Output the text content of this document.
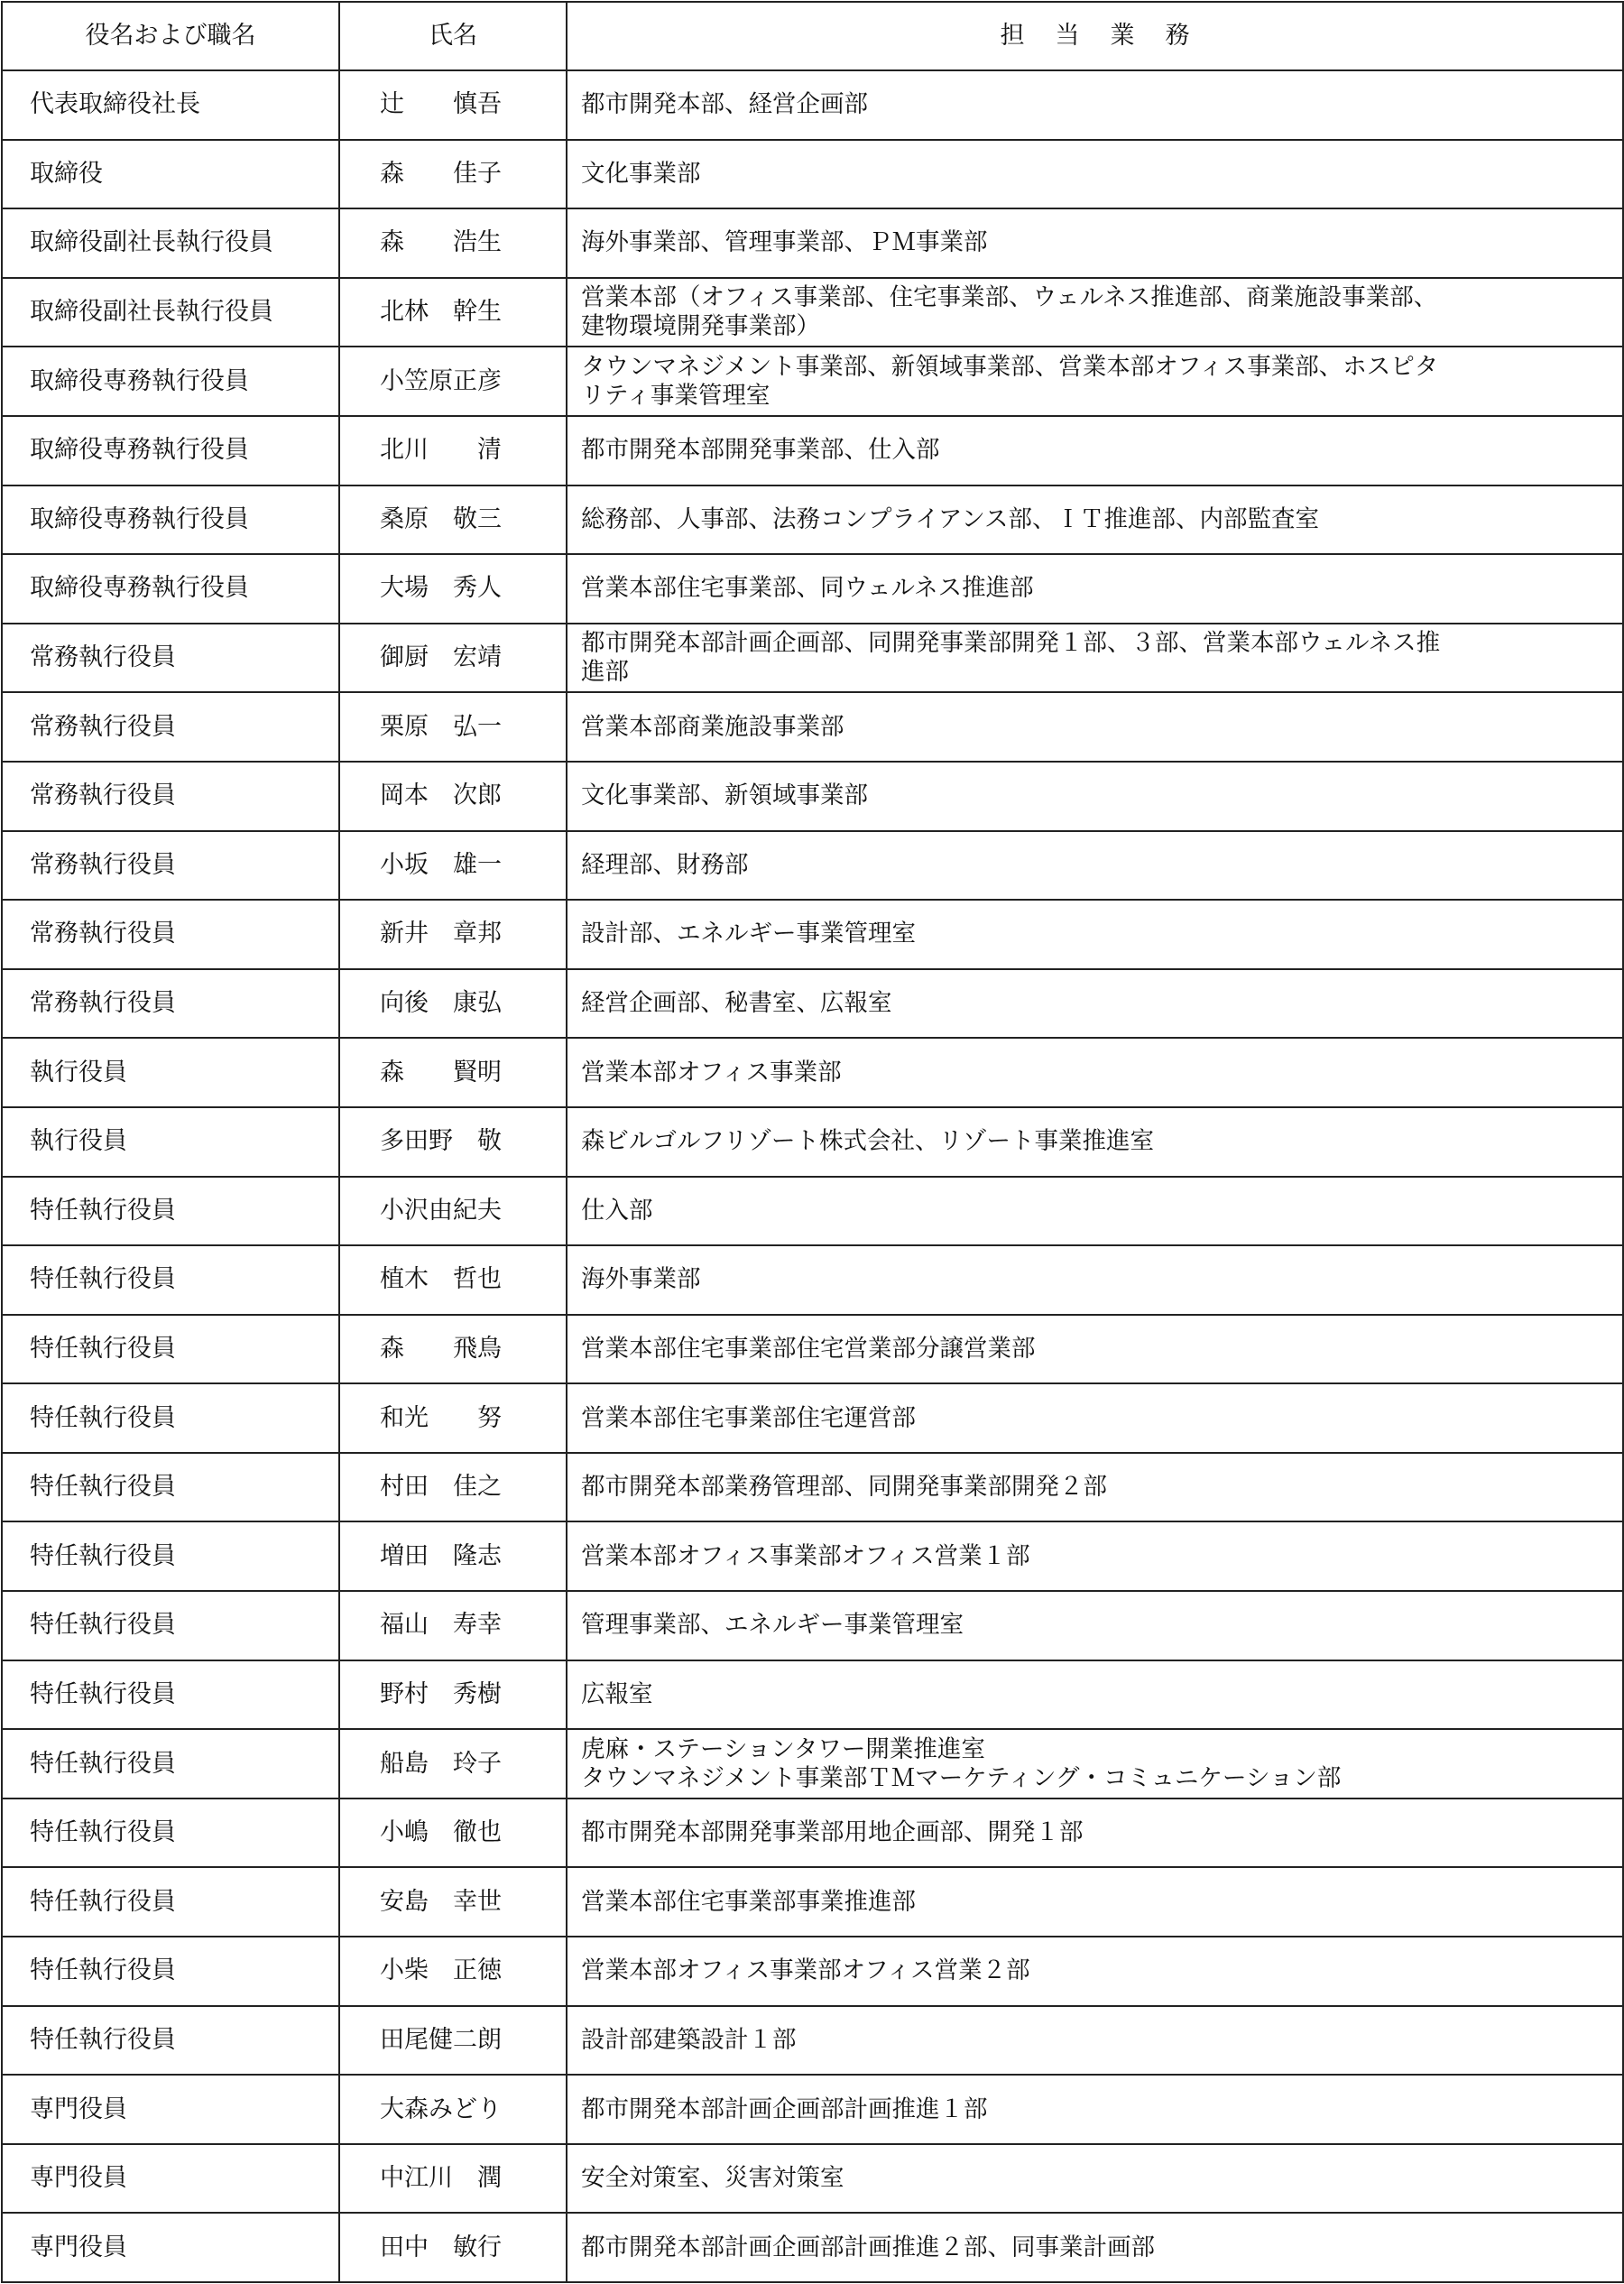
役名および職名	氏名	担当業務
代表取締役社長	辻　　慎吾	都市開発本部、経営企画部
取締役	森　　佳子	文化事業部
取締役副社長執行役員	森　　浩生	海外事業部、管理事業部、ＰＭ事業部
取締役副社長執行役員	北林　幹生	営業本部（オフィス事業部、住宅事業部、ウェルネス推進部、商業施設事業部、
建物環境開発事業部）
取締役専務執行役員	小笠原正彦	タウンマネジメント事業部、新領域事業部、営業本部オフィス事業部、ホスピタ
リティ事業管理室
取締役専務執行役員	北川　　清	都市開発本部開発事業部、仕入部
取締役専務執行役員	桑原　敬三	総務部、人事部、法務コンプライアンス部、ＩＴ推進部、内部監査室
取締役専務執行役員	大場　秀人	営業本部住宅事業部、同ウェルネス推進部
常務執行役員	御厨　宏靖	都市開発本部計画企画部、同開発事業部開発１部、３部、営業本部ウェルネス推
進部
常務執行役員	栗原　弘一	営業本部商業施設事業部
常務執行役員	岡本　次郎	文化事業部、新領域事業部
常務執行役員	小坂　雄一	経理部、財務部
常務執行役員	新井　章邦	設計部、エネルギー事業管理室
常務執行役員	向後　康弘	経営企画部、秘書室、広報室
執行役員	森　　賢明	営業本部オフィス事業部
執行役員	多田野　敬	森ビルゴルフリゾート株式会社、リゾート事業推進室
特任執行役員	小沢由紀夫	仕入部
特任執行役員	植木　哲也	海外事業部
特任執行役員	森　　飛鳥	営業本部住宅事業部住宅営業部分譲営業部
特任執行役員	和光　　努	営業本部住宅事業部住宅運営部
特任執行役員	村田　佳之	都市開発本部業務管理部、同開発事業部開発２部
特任執行役員	増田　隆志	営業本部オフィス事業部オフィス営業１部
特任執行役員	福山　寿幸	管理事業部、エネルギー事業管理室
特任執行役員	野村　秀樹	広報室
特任執行役員	船島　玲子	虎麻・ステーションタワー開業推進室
タウンマネジメント事業部ＴＭマーケティング・コミュニケーション部
特任執行役員	小嶋　徹也	都市開発本部開発事業部用地企画部、開発１部
特任執行役員	安島　幸世	営業本部住宅事業部事業推進部
特任執行役員	小柴　正徳	営業本部オフィス事業部オフィス営業２部
特任執行役員	田尾健二朗	設計部建築設計１部
専門役員	大森みどり	都市開発本部計画企画部計画推進１部
専門役員	中江川　潤	安全対策室、災害対策室
専門役員	田中　敏行	都市開発本部計画企画部計画推進２部、同事業計画部
